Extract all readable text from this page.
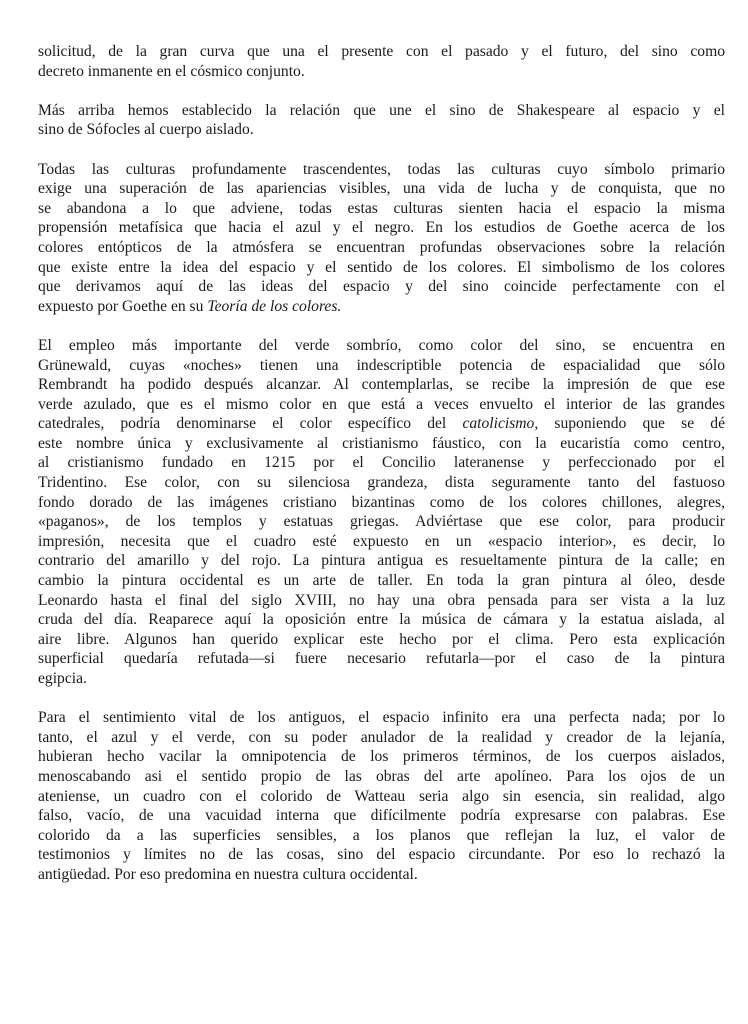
solicitud, de la gran curva que una el presente con el pasado y el futuro, del sino como
decreto inmanente en el cósmico conjunto.

Más arriba hemos establecido la relación que une el sino de Shakespeare al espacio y el
sino de Sófocles al cuerpo aislado.

Todas las culturas profundamente trascendentes, todas las culturas cuyo símbolo primario
exige una superación de las apariencias visibles, una vida de lucha y de conquista, que no
se abandona a lo que adviene, todas estas culturas sienten hacia el espacio la misma
propensión metafísica que hacia el azul y el negro. En los estudios de Goethe acerca de los
colores entópticos de la atmósfera se encuentran profundas observaciones sobre la relación
que existe entre la idea del espacio y el sentido de los colores. El simbolismo de los colores
que derivamos aquí de las ideas del espacio y del sino coincide perfectamente con el
expuesto por Goethe en su Teoría de los colores.

El empleo más importante del verde sombrío, como color del sino, se encuentra en
Grünewald, cuyas «noches» tienen una indescriptible potencia de espacialidad que sólo
Rembrandt ha podido después alcanzar. Al contemplarlas, se recibe la impresión de que ese
verde azulado, que es el mismo color en que está a veces envuelto el interior de las grandes
catedrales, podría denominarse el color específico del catolicismo, suponiendo que se dé
este nombre única y exclusivamente al cristianismo fáustico, con la eucaristía como centro,
al cristianismo fundado en 1215 por el Concilio lateranense y perfeccionado por el
Tridentino. Ese color, con su silenciosa grandeza, dista seguramente tanto del fastuoso
fondo dorado de las imágenes cristiano bizantinas como de los colores chillones, alegres,
«paganos», de los templos y estatuas griegas. Adviértase que ese color, para producir
impresión, necesita que el cuadro esté expuesto en un «espacio interior», es decir, lo
contrario del amarillo y del rojo. La pintura antigua es resueltamente pintura de la calle; en
cambio la pintura occidental es un arte de taller. En toda la gran pintura al óleo, desde
Leonardo hasta el final del siglo XVIII, no hay una obra pensada para ser vista a la luz
cruda del día. Reaparece aquí la oposición entre la música de cámara y la estatua aislada, al
aire libre. Algunos han querido explicar este hecho por el clima. Pero esta explicación
superficial quedaría refutada—si fuere necesario refutarla—por el caso de la pintura
egipcia.

Para el sentimiento vital de los antiguos, el espacio infinito era una perfecta nada; por lo
tanto, el azul y el verde, con su poder anulador de la realidad y creador de la lejanía,
hubieran hecho vacilar la omnipotencia de los primeros términos, de los cuerpos aislados,
menoscabando asi el sentido propio de las obras del arte apolíneo. Para los ojos de un
ateniense, un cuadro con el colorido de Watteau seria algo sin esencia, sin realidad, algo
falso, vacío, de una vacuidad interna que difícilmente podría expresarse con palabras. Ese
colorido da a las superficies sensibles, a los planos que reflejan la luz, el valor de
testimonios y límites no de las cosas, sino del espacio circundante. Por eso lo rechazó la
antigüedad. Por eso predomina en nuestra cultura occidental.
